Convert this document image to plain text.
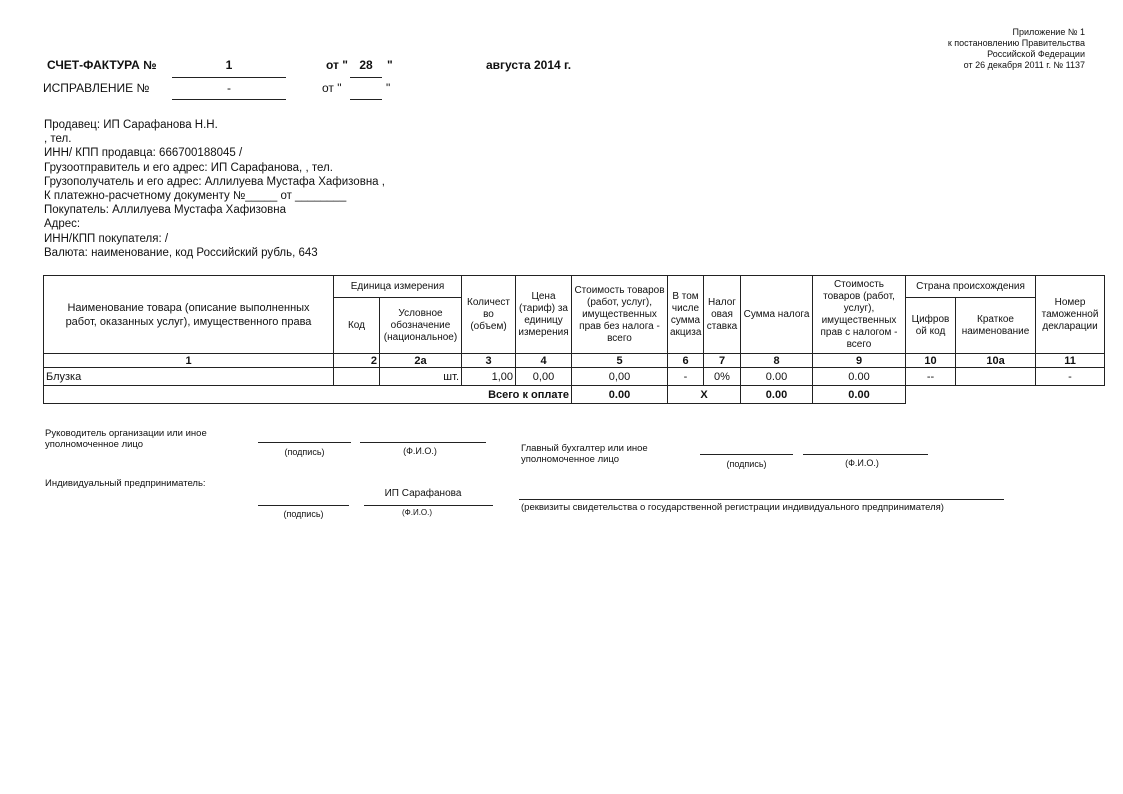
Приложение № 1
к постановлению Правительства
Российской Федерации
от 26 декабря 2011 г. № 1137
СЧЕТ-ФАКТУРА №	1	от " 28	"	августа 2014 г.
ИСПРАВЛЕНИЕ №	-	от "	"
Продавец: ИП Сарафанова Н.Н.
, тел.
ИНН/ КПП продавца: 666700188045 /
Грузоотправитель и его адрес: ИП Сарафанова, , тел.
Грузополучатель и его адрес: Аллилуева Мустафа Хафизовна ,
К платежно-расчетному документу №_____ от ________
Покупатель: Аллилуева Мустафа Хафизовна
Адрес:
ИНН/КПП покупателя: /
Валюта: наименование, код Российский рубль, 643
Наименование товара (описание выполненных работ, оказанных услуг), имущественного права	Единица измерения		Количест во (объем)	Цена (тариф) за единицу измерения	Стоимость товаров (работ, услуг), имущественных прав без налога - всего	В том числе сумма акциза	Налог овая ставка	Сумма налога	Стоимость товаров (работ, услуг), имущественных прав с налогом - всего	Страна происхождения		Номер таможенной декларации
	Код	Условное обозначение (национальное)								Цифров ой код	Краткое наименование	
1	2	2а	3	4	5	6	7	8	9	10	10а	11
Блузка		шт.	1,00	0,00	0,00	-	0%	0.00	0.00	--		-
Всего к оплате					0.00	X		0.00	0.00			
Руководитель организации или иное
уполномоченное лицо
(подпись)	(Ф.И.О.)	Главный бухгалтер или иное
уполномоченное лицо	(подпись)	(Ф.И.О.)
Индивидуальный предприниматель:
(подпись)
ИП Сарафанова
(Ф.И.О.)	(реквизиты свидетельства о государственной регистрации индивидуального предпринимателя)
